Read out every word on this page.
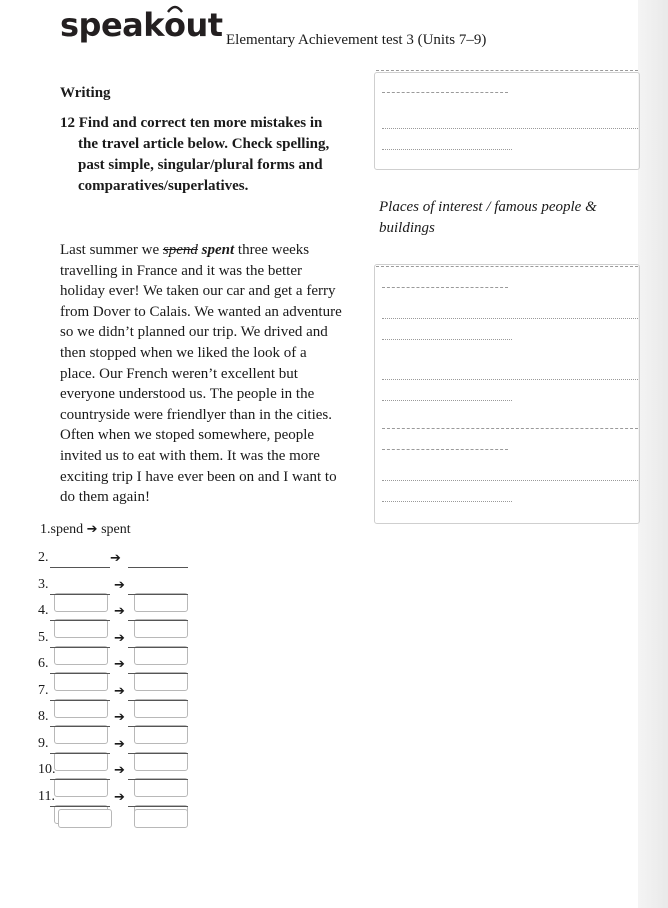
speako
ut Elementary Achievement test 3 (Units 7–9)
Writing
12 Find and correct ten more mistakes in the travel article below. Check spelling, past simple, singular/plural forms and comparatives/superlatives.
Places of interest / famous people & buildings
Last summer we spend spent three weeks travelling in France and it was the better holiday ever! We taken our car and get a ferry from Dover to Calais. We wanted an adventure so we didn’t planned our trip. We drived and then stopped when we liked the look of a place. Our French weren’t excellent but everyone understood us. The people in the countryside were friendlyer than in the cities. Often when we stoped somewhere, people invited us to eat with them. It was the more exciting trip I have ever been on and I want to do them again!
1.spend ➔ spent
2.	➔
3.	➔
4.	➔
5.	➔
6.	➔
7.	➔
8.	➔
9.	➔
10.	➔
11.	➔
